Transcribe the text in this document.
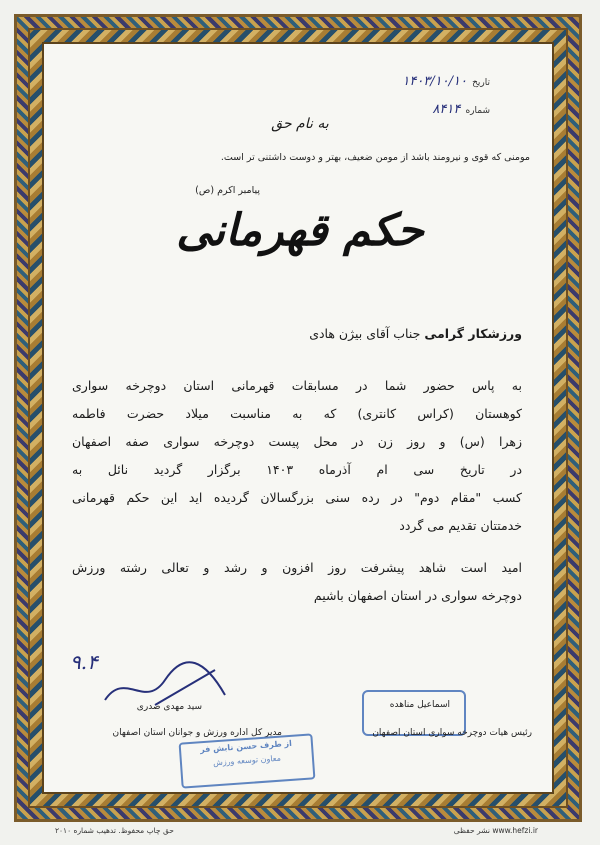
تاریخ ۱۴۰۳/۱۰/۱۰
شماره ۸۴۱۴
به نام حق
مومنی که قوی و نیرومند باشد از مومن ضعیف، بهتر و دوست داشتنی تر است.
پیامبر اکرم (ص)
حکم قهرمانی
ورزشکار گرامی جناب آقای بیژن هادی
به پاس حضور شما در مسابقات قهرمانی استان دوچرخه سواری
کوهستان (کراس کانتری) که به مناسبت میلاد حضرت فاطمه
زهرا (س) و روز زن در محل پیست دوچرخه سواری صفه اصفهان
در تاریخ سی ام آذرماه ۱۴۰۳ برگزار گردید نائل به
کسب "مقام دوم" در رده سنی بزرگسالان گردیده اید این حکم قهرمانی
خدمتتان تقدیم می گردد
امید است شاهد پیشرفت روز افزون و رشد و تعالی رشته ورزش
دوچرخه سواری در استان اصفهان باشیم
۹.۴
اسماعیل مناهده
رئیس هیات دوچرخه سواری استان اصفهان
سید مهدی صدری
مدیر کل اداره ورزش و جوانان استان اصفهان
از طرف حسن نابش فر
معاون توسعه ورزش
حق چاپ محفوظ. تدهیب شماره ۲۰۱۰	www.hefzi.ir نشر حفظی
